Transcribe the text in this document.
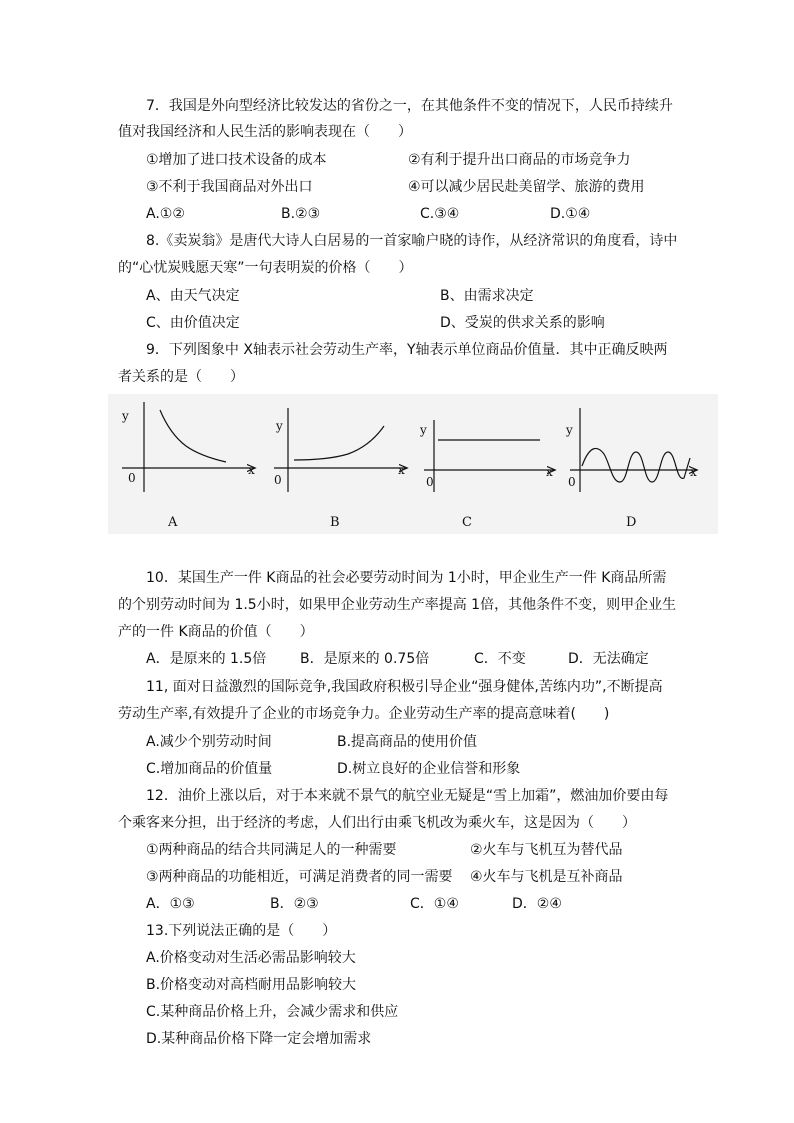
7．我国是外向型经济比较发达的省份之一，在其他条件不变的情况下，人民币持续升
值对我国经济和人民生活的影响表现在（　　）
①增加了进口技术设备的成本	②有利于提升出口商品的市场竞争力
③不利于我国商品对外出口	④可以减少居民赴美留学、旅游的费用
A.①②	B.②③	C.③④	D.①④
8.《卖炭翁》是唐代大诗人白居易的一首家喻户晓的诗作，从经济常识的角度看，诗中
的“心忧炭贱愿天寒”一句表明炭的价格（　　）
A、由天气决定	B、由需求决定
C、由价值决定	D、受炭的供求关系的影响
9．下列图象中 X轴表示社会劳动生产率，Y轴表示单位商品价值量．其中正确反映两
者关系的是（　　）
y
x
0
A
y
x
0
B
y
x
0
C
y
x
0
D
10．某国生产一件 K商品的社会必要劳动时间为 1小时，甲企业生产一件 K商品所需
的个别劳动时间为 1.5小时，如果甲企业劳动生产率提高 1倍，其他条件不变，则甲企业生
产的一件 K商品的价值（　　）
A．是原来的 1.5倍 B．是原来的 0.75倍	C．不变	D．无法确定
11, 面对日益激烈的国际竞争,我国政府积极引导企业“强身健体,苦练内功”,不断提高
劳动生产率,有效提升了企业的市场竞争力。企业劳动生产率的提高意味着(　　)
A.减少个别劳动时间	B.提高商品的使用价值
C.增加商品的价值量	D.树立良好的企业信誉和形象
12．油价上涨以后，对于本来就不景气的航空业无疑是“雪上加霜”，燃油加价要由每
个乘客来分担，出于经济的考虑，人们出行由乘飞机改为乘火车，这是因为（　　）
①两种商品的结合共同满足人的一种需要	②火车与飞机互为替代品
③两种商品的功能相近，可满足消费者的同一需要 ④火车与飞机是互补商品
A．①③	B．②③	C．①④	D．②④
13.下列说法正确的是（　　）
A.价格变动对生活必需品影响较大
B.价格变动对高档耐用品影响较大
C.某种商品价格上升，会减少需求和供应
D.某种商品价格下降一定会增加需求
